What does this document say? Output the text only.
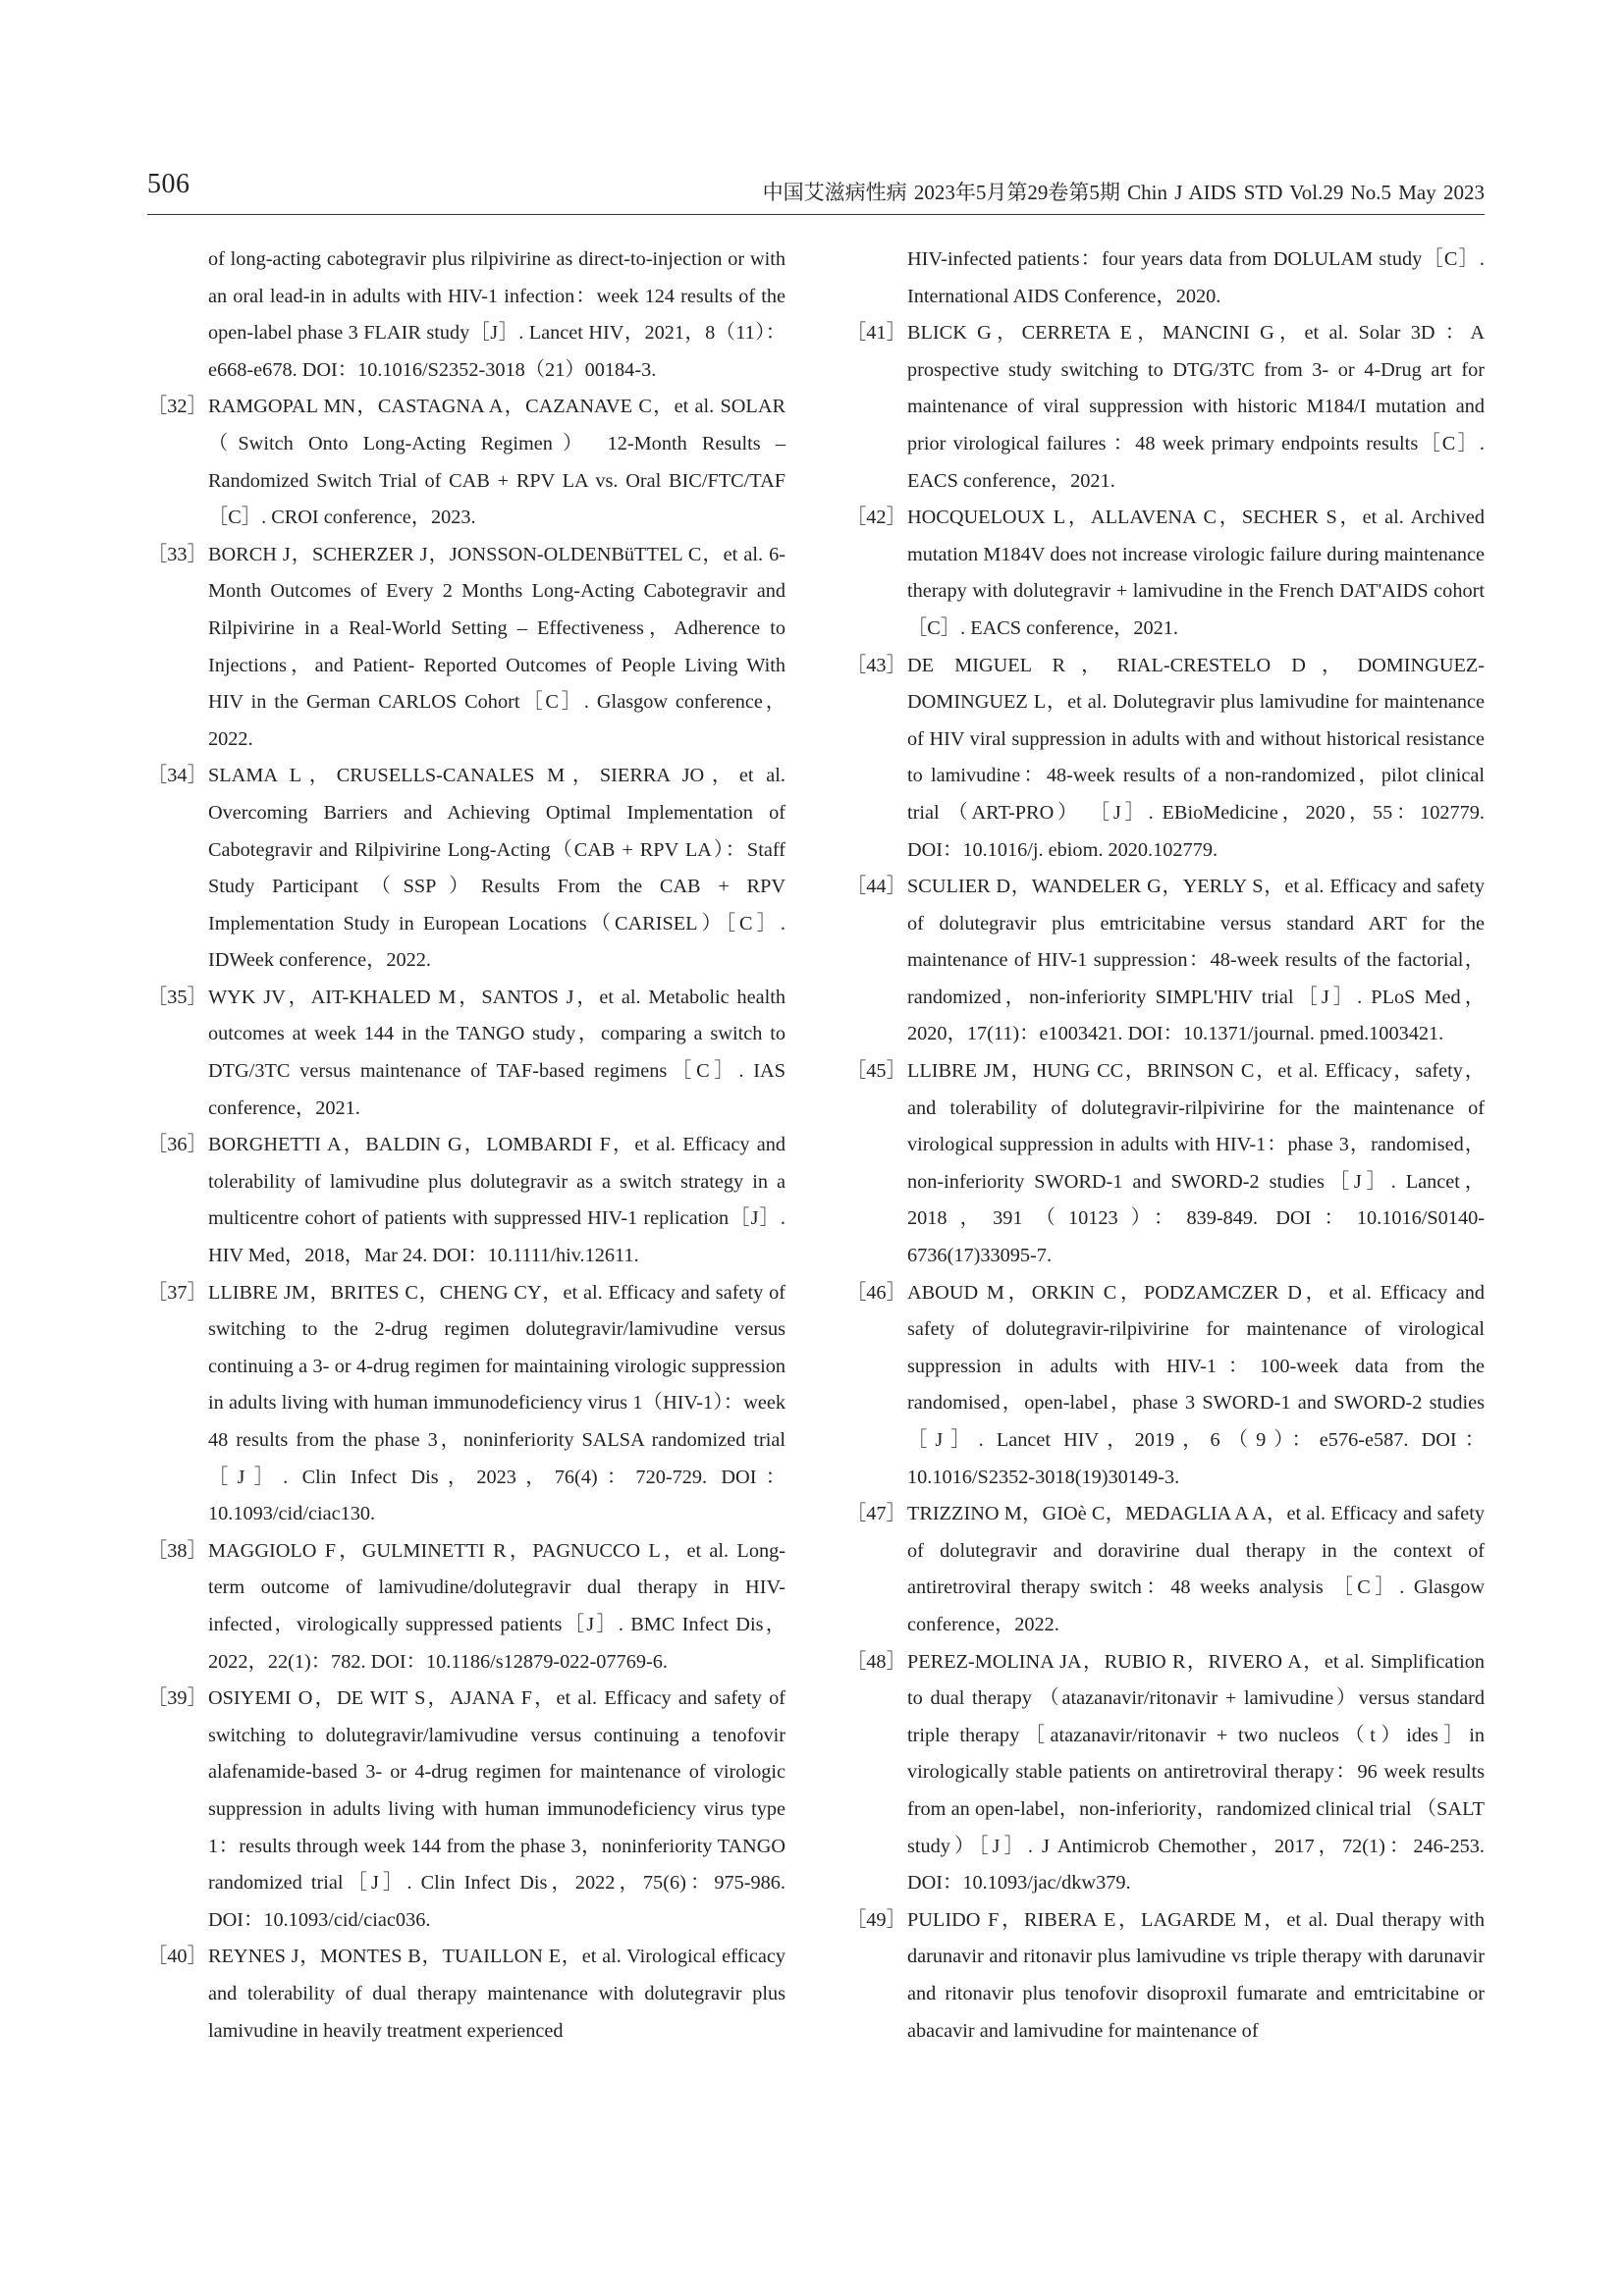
506	中国艾滋病性病 2023年5月第29卷第5期 Chin J AIDS STD Vol.29 No.5 May 2023
of long-acting cabotegravir plus rilpivirine as direct-to-injection or with an oral lead-in in adults with HIV-1 infection：week 124 results of the open-label phase 3 FLAIR study［J］. Lancet HIV，2021，8（11）：e668-e678. DOI：10.1016/S2352-3018（21）00184-3.
［32］ RAMGOPAL MN，CASTAGNA A，CAZANAVE C，et al. SOLAR （Switch Onto Long-Acting Regimen） 12-Month Results – Randomized Switch Trial of CAB + RPV LA vs. Oral BIC/FTC/TAF［C］. CROI conference，2023.
［33］ BORCH J，SCHERZER J，JONSSON-OLDENBüTTEL C，et al. 6-Month Outcomes of Every 2 Months Long-Acting Cabotegravir and Rilpivirine in a Real-World Setting – Effectiveness，Adherence to Injections，and Patient- Reported Outcomes of People Living With HIV in the German CARLOS Cohort［C］. Glasgow conference，2022.
［34］ SLAMA L，CRUSELLS-CANALES M，SIERRA JO，et al. Overcoming Barriers and Achieving Optimal Implementation of Cabotegravir and Rilpivirine Long-Acting（CAB + RPV LA）：Staff Study Participant（SSP）Results From the CAB + RPV Implementation Study in European Locations（CARISEL）［C］. IDWeek conference，2022.
［35］ WYK JV，AIT-KHALED M，SANTOS J，et al. Metabolic health outcomes at week 144 in the TANGO study，comparing a switch to DTG/3TC versus maintenance of TAF-based regimens［C］. IAS conference，2021.
［36］ BORGHETTI A，BALDIN G，LOMBARDI F，et al. Efficacy and tolerability of lamivudine plus dolutegravir as a switch strategy in a multicentre cohort of patients with suppressed HIV-1 replication［J］. HIV Med，2018，Mar 24. DOI：10.1111/hiv.12611.
［37］ LLIBRE JM，BRITES C，CHENG CY，et al. Efficacy and safety of switching to the 2-drug regimen dolutegravir/lamivudine versus continuing a 3- or 4-drug regimen for maintaining virologic suppression in adults living with human immunodeficiency virus 1（HIV-1）：week 48 results from the phase 3，noninferiority SALSA randomized trial［J］. Clin Infect Dis，2023，76(4)：720-729. DOI：10.1093/cid/ciac130.
［38］ MAGGIOLO F，GULMINETTI R，PAGNUCCO L，et al. Long-term outcome of lamivudine/dolutegravir dual therapy in HIV-infected，virologically suppressed patients［J］. BMC Infect Dis，2022，22(1)：782. DOI：10.1186/s12879-022-07769-6.
［39］ OSIYEMI O，DE WIT S，AJANA F，et al. Efficacy and safety of switching to dolutegravir/lamivudine versus continuing a tenofovir alafenamide-based 3- or 4-drug regimen for maintenance of virologic suppression in adults living with human immunodeficiency virus type 1：results through week 144 from the phase 3，noninferiority TANGO randomized trial［J］. Clin Infect Dis，2022，75(6)：975-986. DOI：10.1093/cid/ciac036.
［40］ REYNES J，MONTES B，TUAILLON E，et al. Virological efficacy and tolerability of dual therapy maintenance with dolutegravir plus lamivudine in heavily treatment experienced
HIV-infected patients：four years data from DOLULAM study［C］. International AIDS Conference，2020.
［41］ BLICK G，CERRETA E，MANCINI G，et al. Solar 3D ：A prospective study switching to DTG/3TC from 3- or 4-Drug art for maintenance of viral suppression with historic M184/I mutation and prior virological failures ：48 week primary endpoints results［C］. EACS conference，2021.
［42］ HOCQUELOUX L，ALLAVENA C，SECHER S，et al. Archived mutation M184V does not increase virologic failure during maintenance therapy with dolutegravir + lamivudine in the French DAT'AIDS cohort［C］. EACS conference，2021.
［43］ DE MIGUEL R，RIAL-CRESTELO D，DOMINGUEZ-DOMINGUEZ L，et al. Dolutegravir plus lamivudine for maintenance of HIV viral suppression in adults with and without historical resistance to lamivudine：48-week results of a non-randomized，pilot clinical trial （ART-PRO） ［J］. EBioMedicine，2020，55：102779. DOI：10.1016/j. ebiom. 2020.102779.
［44］ SCULIER D，WANDELER G，YERLY S，et al. Efficacy and safety of dolutegravir plus emtricitabine versus standard ART for the maintenance of HIV-1 suppression：48-week results of the factorial，randomized，non-inferiority SIMPL'HIV trial［J］. PLoS Med，2020，17(11)：e1003421. DOI：10.1371/journal. pmed.1003421.
［45］ LLIBRE JM，HUNG CC，BRINSON C，et al. Efficacy，safety，and tolerability of dolutegravir-rilpivirine for the maintenance of virological suppression in adults with HIV-1：phase 3，randomised，non-inferiority SWORD-1 and SWORD-2 studies［J］. Lancet，2018，391（10123）：839-849. DOI：10.1016/S0140-6736(17)33095-7.
［46］ ABOUD M，ORKIN C，PODZAMCZER D，et al. Efficacy and safety of dolutegravir-rilpivirine for maintenance of virological suppression in adults with HIV-1：100-week data from the randomised，open-label，phase 3 SWORD-1 and SWORD-2 studies ［J］. Lancet HIV，2019，6（9）：e576-e587. DOI：10.1016/S2352-3018(19)30149-3.
［47］ TRIZZINO M，GIOè C，MEDAGLIA A A，et al. Efficacy and safety of dolutegravir and doravirine dual therapy in the context of antiretroviral therapy switch：48 weeks analysis ［C］. Glasgow conference，2022.
［48］ PEREZ-MOLINA JA，RUBIO R，RIVERO A，et al. Simplification to dual therapy （atazanavir/ritonavir + lamivudine）versus standard triple therapy［atazanavir/ritonavir + two nucleos（t）ides］in virologically stable patients on antiretroviral therapy：96 week results from an open-label，non-inferiority，randomized clinical trial （SALT study）［J］. J Antimicrob Chemother，2017，72(1)：246-253. DOI：10.1093/jac/dkw379.
［49］ PULIDO F，RIBERA E，LAGARDE M，et al. Dual therapy with darunavir and ritonavir plus lamivudine vs triple therapy with darunavir and ritonavir plus tenofovir disoproxil fumarate and emtricitabine or abacavir and lamivudine for maintenance of
